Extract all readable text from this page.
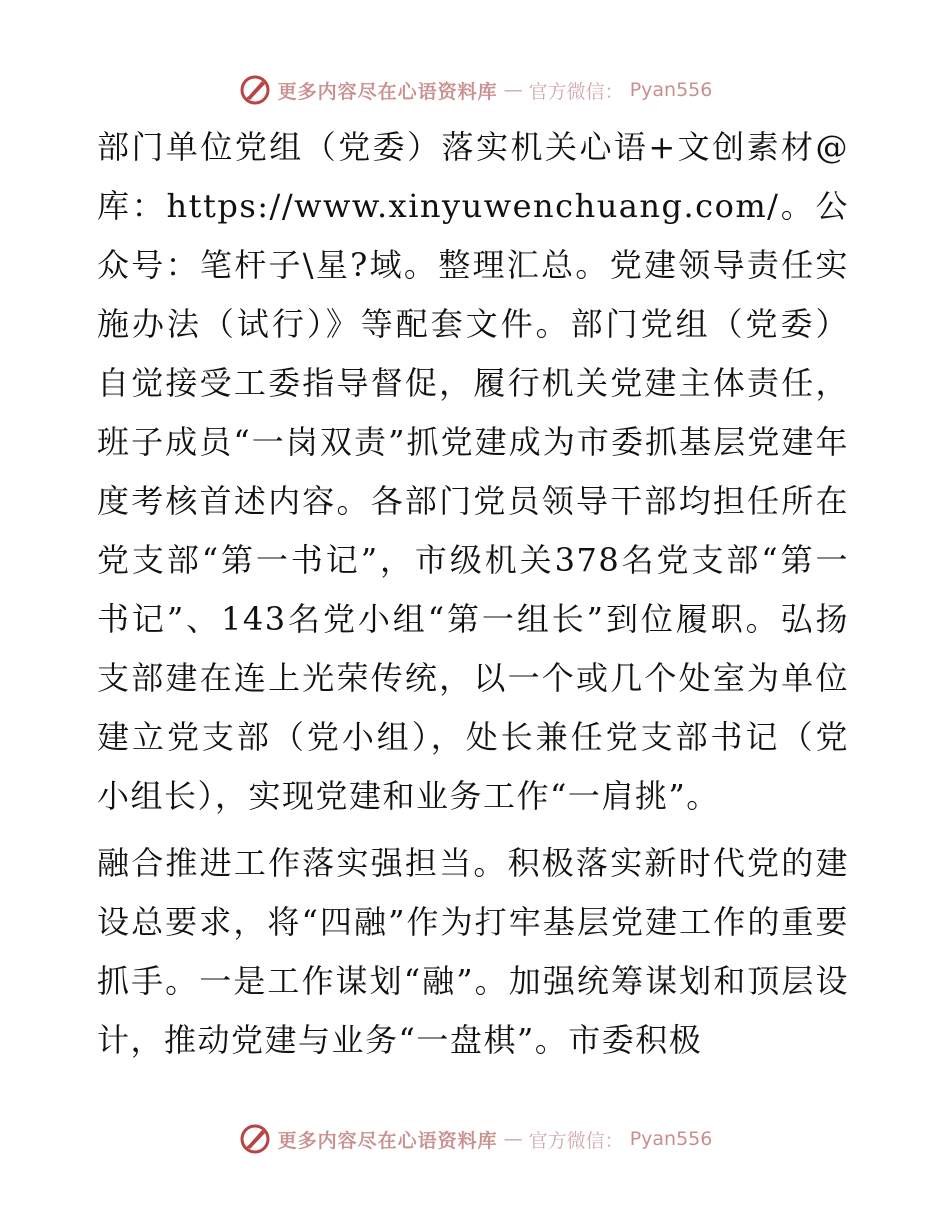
更多内容尽在心语资料库 — 官方微信： Pyan556

部门单位党组（党委）落实机关心语+文创素材@库：https://www.xinyuwenchuang.com/。公众号：笔杆子\星?域。整理汇总。党建领导责任实施办法（试行）》等配套文件。部门党组（党委）自觉接受工委指导督促，履行机关党建主体责任，班子成员“一岗双责”抓党建成为市委抓基层党建年度考核首述内容。各部门党员领导干部均担任所在党支部“第一书记”，市级机关378名党支部“第一书记”、143名党小组“第一组长”到位履职。弘扬支部建在连上光荣传统，以一个或几个处室为单位建立党支部（党小组），处长兼任党支部书记（党小组长），实现党建和业务工作“一肩挑”。

融合推进工作落实强担当。积极落实新时代党的建设总要求，将“四融”作为打牢基层党建工作的重要抓手。一是工作谋划“融”。加强统筹谋划和顶层设计，推动党建与业务“一盘棋”。市委积极

更多内容尽在心语资料库 — 官方微信： Pyan556
